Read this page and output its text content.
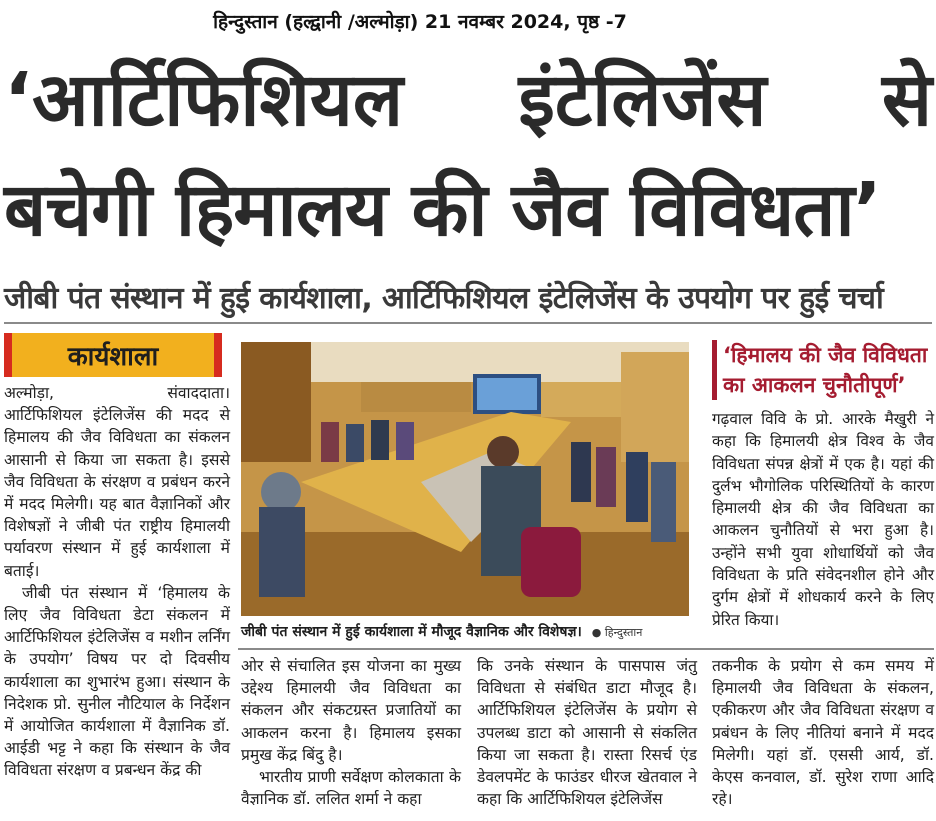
हिन्दुस्तान (हल्द्वानी /अल्मोड़ा) 21 नवम्बर 2024, पृष्ठ -7
‘आर्टिफिशियल इंटेलिजेंस से
बचेगी हिमालय की जैव विविधता’
जीबी पंत संस्थान में हुई कार्यशाला, आर्टिफिशियल इंटेलिजेंस के उपयोग पर हुई चर्चा
कार्यशाला

अल्मोड़ा,	संवाददाता।

आर्टिफिशियल इंटेलिजेंस की मदद से हिमालय की जैव विविधता का संकलन आसानी से किया जा सकता है। इससे जैव विविधता के संरक्षण व प्रबंधन करने में मदद मिलेगी। यह बात वैज्ञानिकों और विशेषज्ञों ने जीबी पंत राष्ट्रीय हिमालयी पर्यावरण संस्थान में हुई कार्यशाला में बताई।

जीबी पंत संस्थान में ‘हिमालय के लिए जैव विविधता डेटा संकलन में आर्टिफिशियल इंटेलिजेंस व मशीन लर्निंग के उपयोग’ विषय पर दो दिवसीय कार्यशाला का शुभारंभ हुआ। संस्थान के निदेशक प्रो. सुनील नौटियाल के निर्देशन में आयोजित कार्यशाला में वैज्ञानिक डॉ. आईडी भट्ट ने कहा कि संस्थान के जैव विविधता संरक्षण व प्रबन्धन केंद्र की

जीबी पंत संस्थान में हुई कार्यशाला में मौजूद वैज्ञानिक और विशेषज्ञ। ● हिन्दुस्तान
‘हिमालय की जैव विविधता का आकलन चुनौतीपूर्ण’
गढ़वाल विवि के प्रो. आरके मैखुरी ने कहा कि हिमालयी क्षेत्र विश्व के जैव विविधता संपन्न क्षेत्रों में एक है। यहां की दुर्लभ भौगोलिक परिस्थितियों के कारण हिमालयी क्षेत्र की जैव विविधता का आकलन चुनौतियों से भरा हुआ है। उन्होंने सभी युवा शोधार्थियों को जैव विविधता के प्रति संवेदनशील होने और दुर्गम क्षेत्रों में शोधकार्य करने के लिए प्रेरित किया।

ओर से संचालित इस योजना का मुख्य उद्देश्य हिमालयी जैव विविधता का संकलन और संकटग्रस्त प्रजातियों का आकलन करना है। हिमालय इसका प्रमुख केंद्र बिंदु है।

भारतीय प्राणी सर्वेक्षण कोलकाता के वैज्ञानिक डॉ. ललित शर्मा ने कहा

कि उनके संस्थान के पासपास जंतु विविधता से संबंधित डाटा मौजूद है। आर्टिफिशियल इंटेलिजेंस के प्रयोग से उपलब्ध डाटा को आसानी से संकलित किया जा सकता है। रास्ता रिसर्च एंड डेवलपमेंट के फाउंडर धीरज खेतवाल ने कहा कि आर्टिफिशियल इंटेलिजेंस

तकनीक के प्रयोग से कम समय में हिमालयी जैव विविधता के संकलन, एकीकरण और जैव विविधता संरक्षण व प्रबंधन के लिए नीतियां बनाने में मदद मिलेगी। यहां डॉ. एससी आर्य, डॉ. केएस कनवाल, डॉ. सुरेश राणा आदि रहे।
